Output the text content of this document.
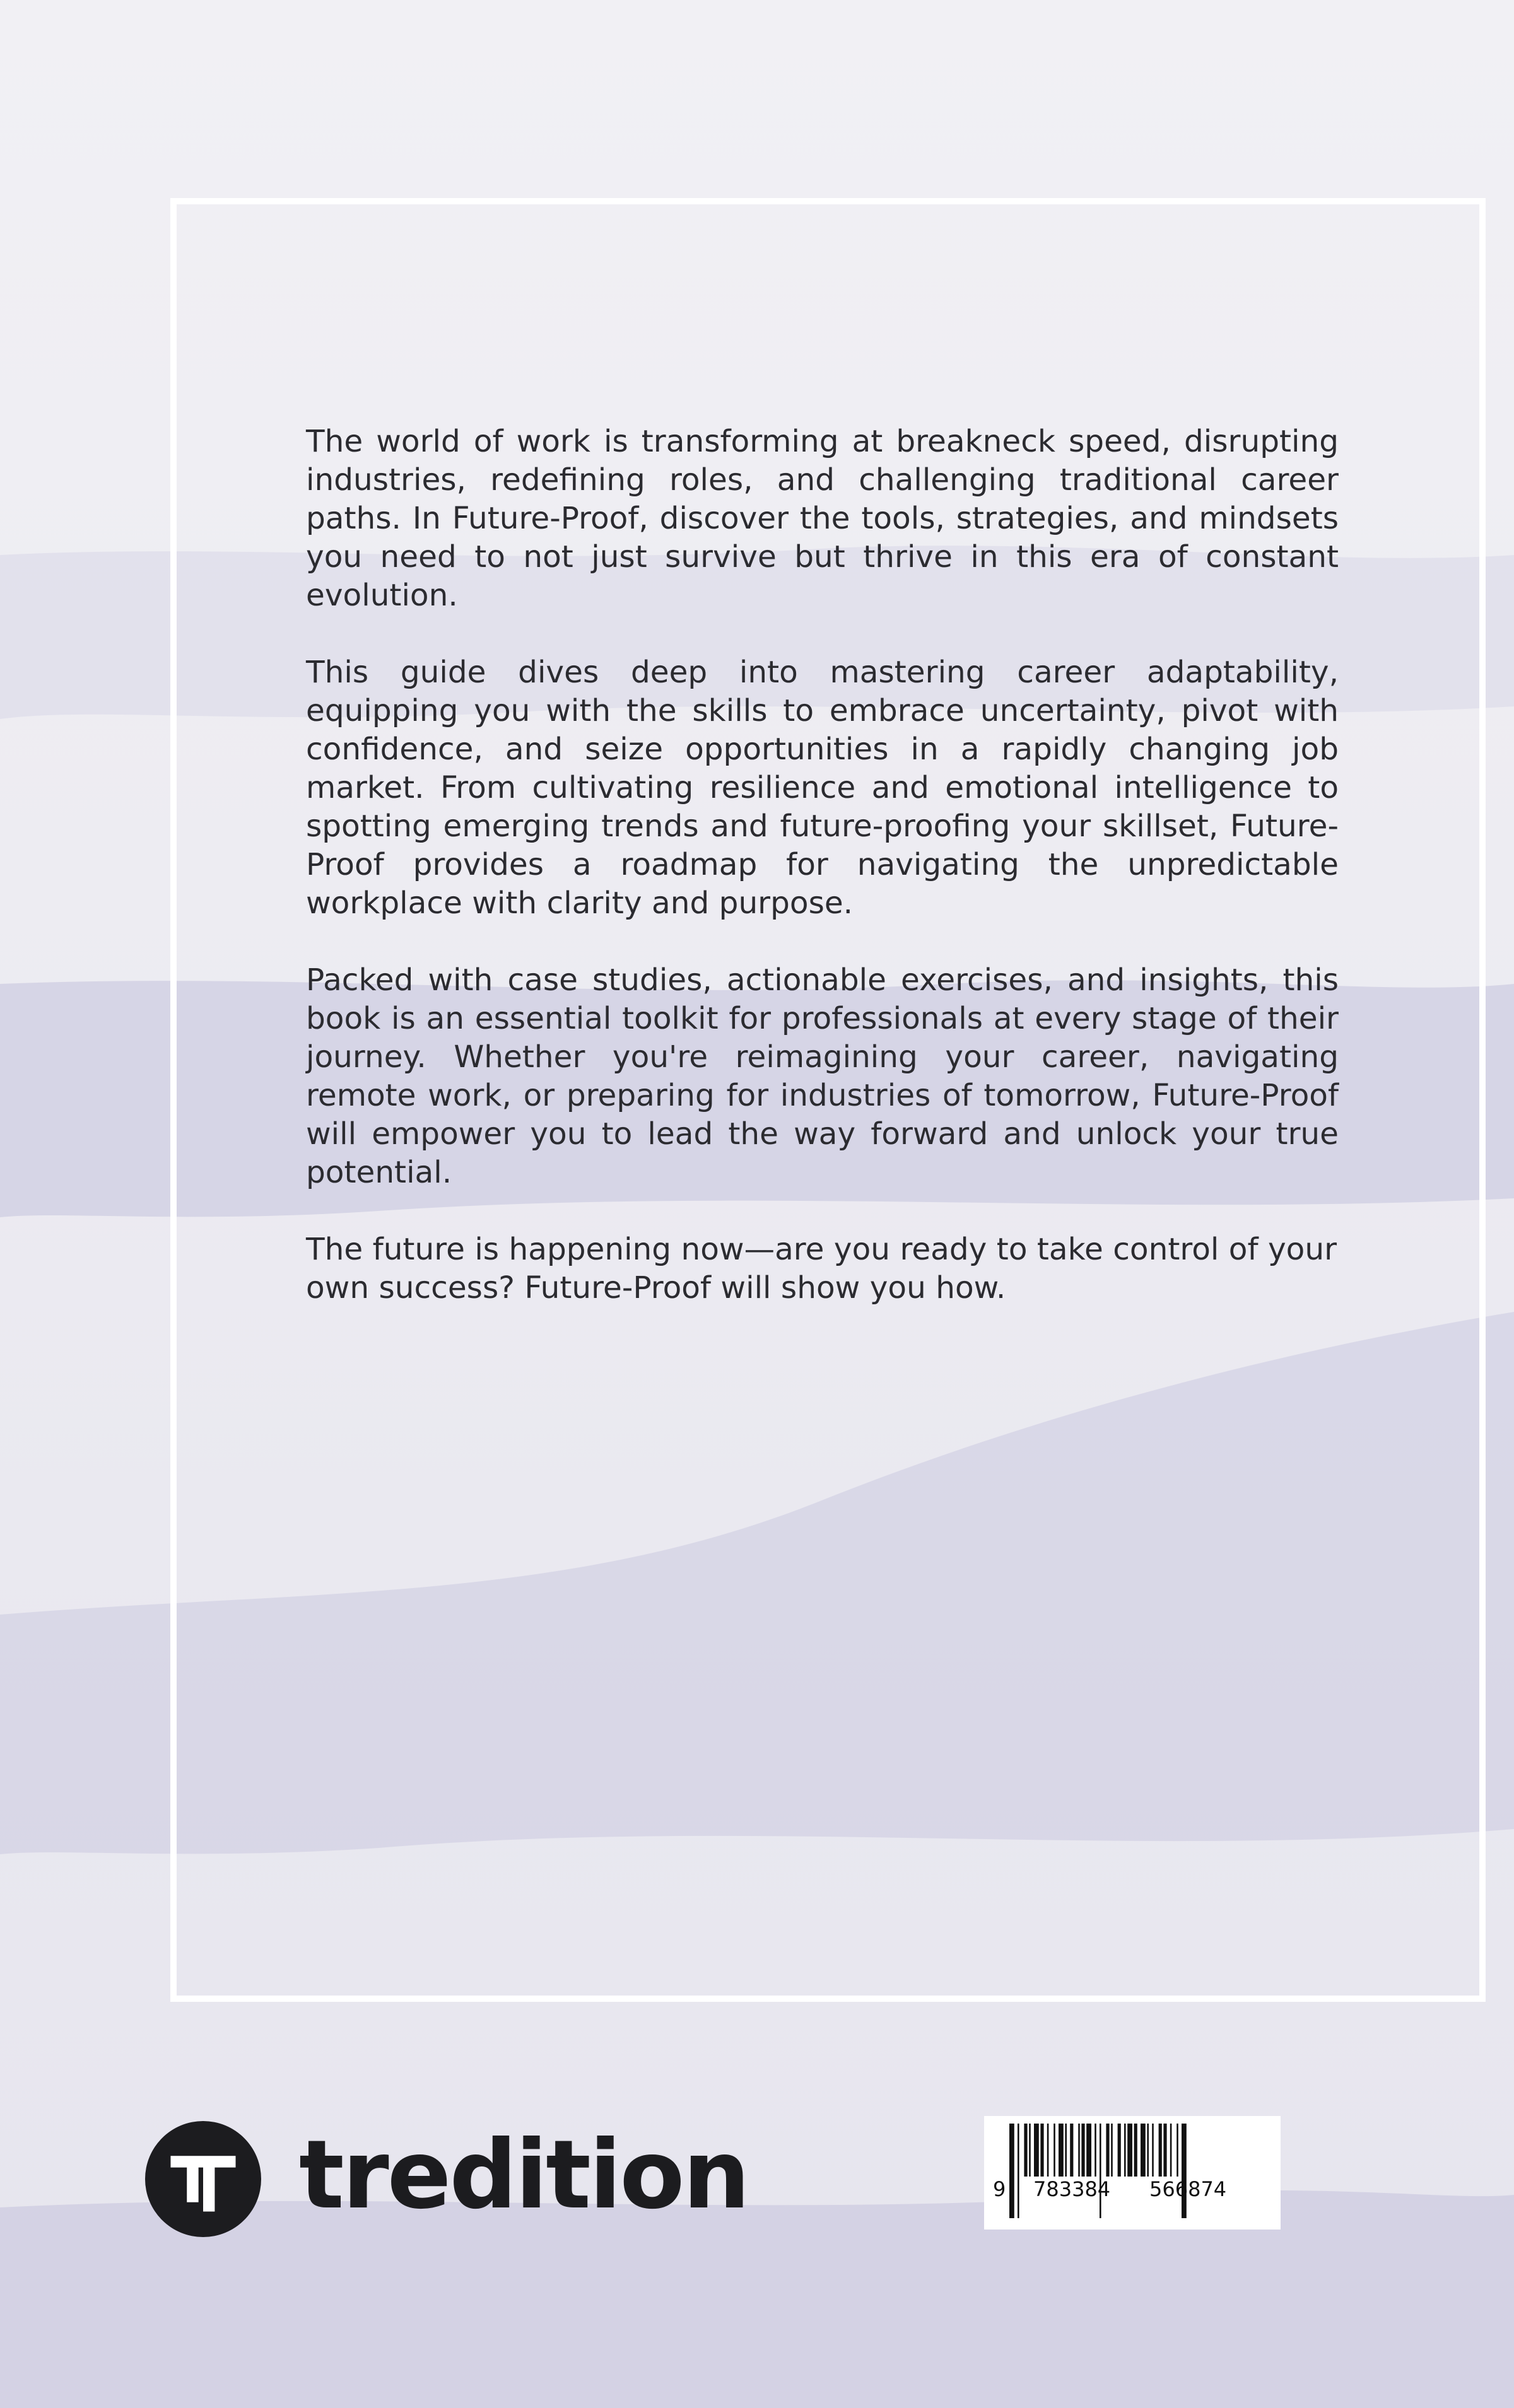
The world of work is transforming at breakneck speed, disrupting industries, redefining roles, and challenging traditional career paths. In Future-Proof, discover the tools, strategies, and mindsets you need to not just survive but thrive in this era of constant evolution.

This guide dives deep into mastering career adaptability, equipping you with the skills to embrace uncertainty, pivot with confidence, and seize opportunities in a rapidly changing job market. From cultivating resilience and emotional intelligence to spotting emerging trends and future-proofing your skillset, Future-Proof provides a roadmap for navigating the unpredictable workplace with clarity and purpose.

Packed with case studies, actionable exercises, and insights, this book is an essential toolkit for professionals at every stage of their journey. Whether you're reimagining your career, navigating remote work, or preparing for industries of tomorrow, Future-Proof will empower you to lead the way forward and unlock your true potential.

The future is happening now—are you ready to take control of your own success? Future-Proof will show you how.

tredition	9 783384 566874
